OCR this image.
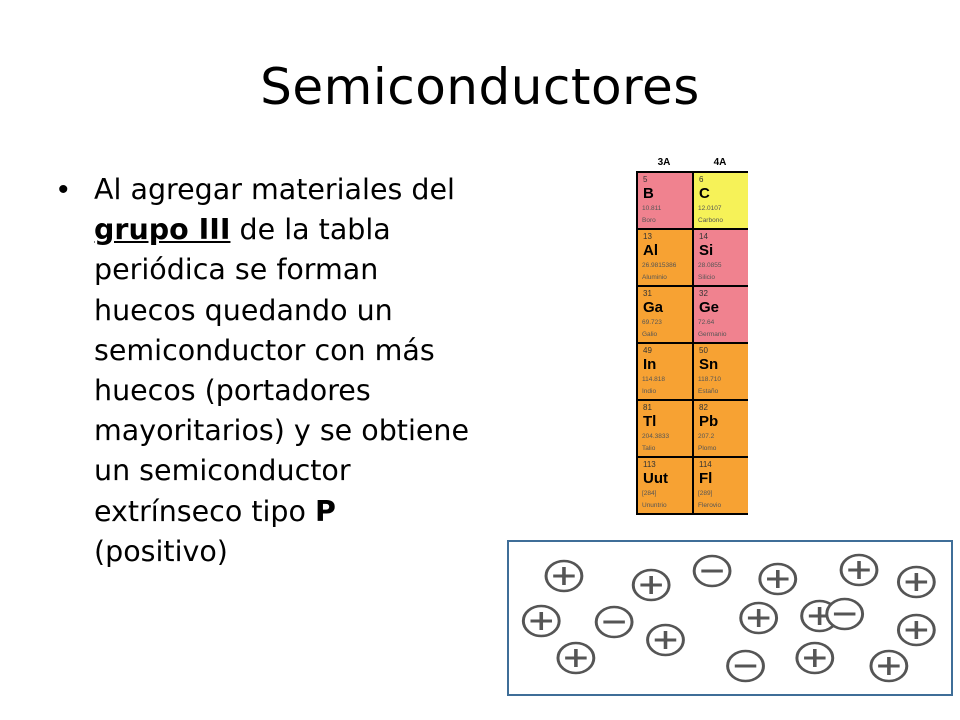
Semiconductores
• Al agregar materiales del grupo III de la tabla periódica se forman huecos quedando un semiconductor con más huecos (portadores mayoritarios) y se obtiene un semiconductor extrínseco tipo P (positivo)
3A	4A
5
B
10.811
Boro
6
C
12.0107
Carbono
13
Al
26.9815386
Aluminio
14
Si
28.0855
Silicio
31
Ga
69.723
Galio
32
Ge
72.64
Germanio
49
In
114.818
Indio
50
Sn
118.710
Estaño
81
Tl
204.3833
Talio
82
Pb
207.2
Plomo
113
Uut
[284]
Ununtrio
114
Fl
[289]
Flerovio
